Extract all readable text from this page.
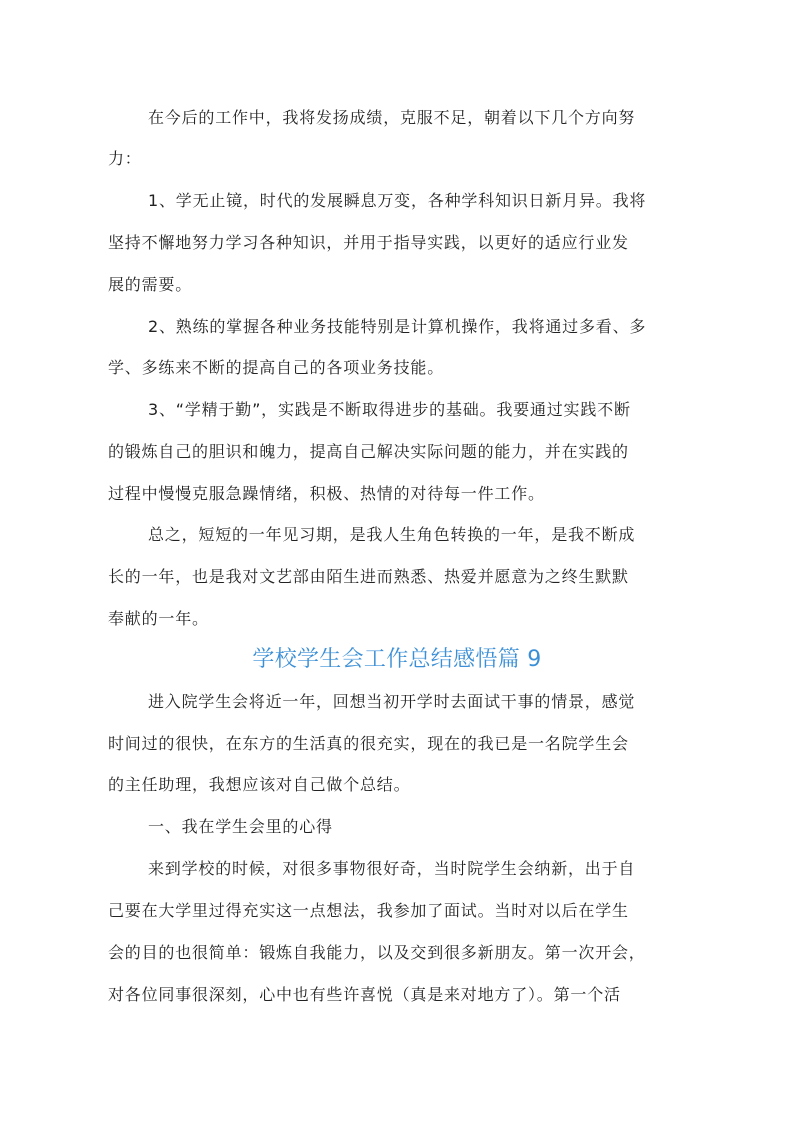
在今后的工作中，我将发扬成绩，克服不足，朝着以下几个方向努
力：
1、学无止镜，时代的发展瞬息万变，各种学科知识日新月异。我将
坚持不懈地努力学习各种知识，并用于指导实践，以更好的适应行业发
展的需要。
2、熟练的掌握各种业务技能特别是计算机操作，我将通过多看、多
学、多练来不断的提高自己的各项业务技能。
3、“学精于勤”，实践是不断取得进步的基础。我要通过实践不断
的锻炼自己的胆识和魄力，提高自己解决实际问题的能力，并在实践的
过程中慢慢克服急躁情绪，积极、热情的对待每一件工作。
总之，短短的一年见习期，是我人生角色转换的一年，是我不断成
长的一年，也是我对文艺部由陌生进而熟悉、热爱并愿意为之终生默默
奉献的一年。
学校学生会工作总结感悟篇 9
进入院学生会将近一年，回想当初开学时去面试干事的情景，感觉
时间过的很快，在东方的生活真的很充实，现在的我已是一名院学生会
的主任助理，我想应该对自己做个总结。
一、我在学生会里的心得
来到学校的时候，对很多事物很好奇，当时院学生会纳新，出于自
己要在大学里过得充实这一点想法，我参加了面试。当时对以后在学生
会的目的也很简单：锻炼自我能力，以及交到很多新朋友。第一次开会，
对各位同事很深刻，心中也有些许喜悦（真是来对地方了）。第一个活
